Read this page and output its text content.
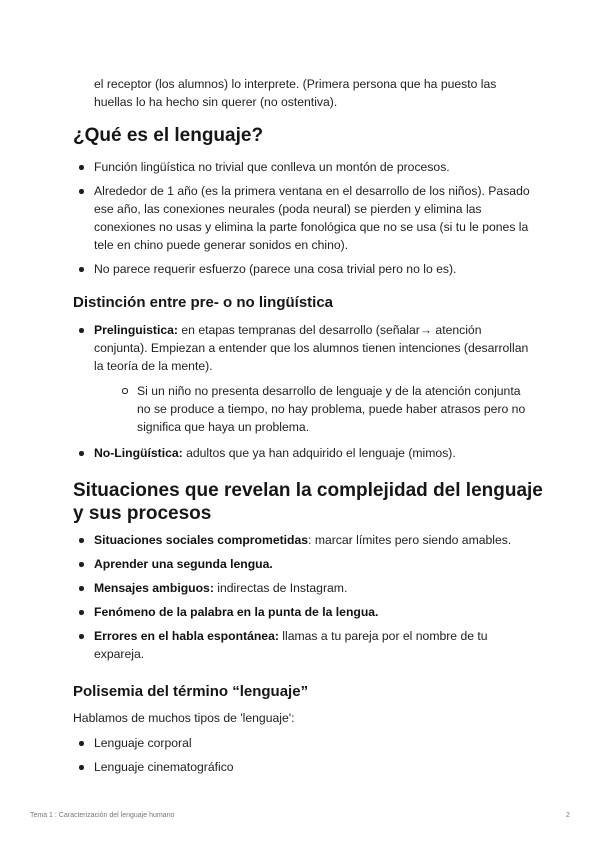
el receptor (los alumnos) lo interprete. (Primera persona que ha puesto las huellas lo ha hecho sin querer (no ostentiva).

¿Qué es el lenguaje?
Función lingüística no trivial que conlleva un montón de procesos.
Alrededor de 1 año (es la primera ventana en el desarrollo de los niños). Pasado ese año, las conexiones neurales (poda neural) se pierden y elimina las conexiones no usas y elimina la parte fonológica que no se usa (si tu le pones la tele en chino puede generar sonidos en chino).
No parece requerir esfuerzo (parece una cosa trivial pero no lo es).
Distinción entre pre- o no lingüística
Prelinguistica: en etapas tempranas del desarrollo (señalar→ atención conjunta). Empiezan a entender que los alumnos tienen intenciones (desarrollan la teoría de la mente).
Si un niño no presenta desarrollo de lenguaje y de la atención conjunta no se produce a tiempo, no hay problema, puede haber atrasos pero no significa que haya un problema.
No-Lingüística: adultos que ya han adquirido el lenguaje (mimos).
Situaciones que revelan la complejidad del lenguaje y sus procesos
Situaciones sociales comprometidas: marcar límites pero siendo amables.
Aprender una segunda lengua.
Mensajes ambiguos: indirectas de Instagram.
Fenómeno de la palabra en la punta de la lengua.
Errores en el habla espontánea: llamas a tu pareja por el nombre de tu expareja.
Polisemia del término “lenguaje”

Hablamos de muchos tipos de 'lenguaje':

Lenguaje corporal
Lenguaje cinematográfico
Tema 1 : Caracterización del lenguaje humano	2
